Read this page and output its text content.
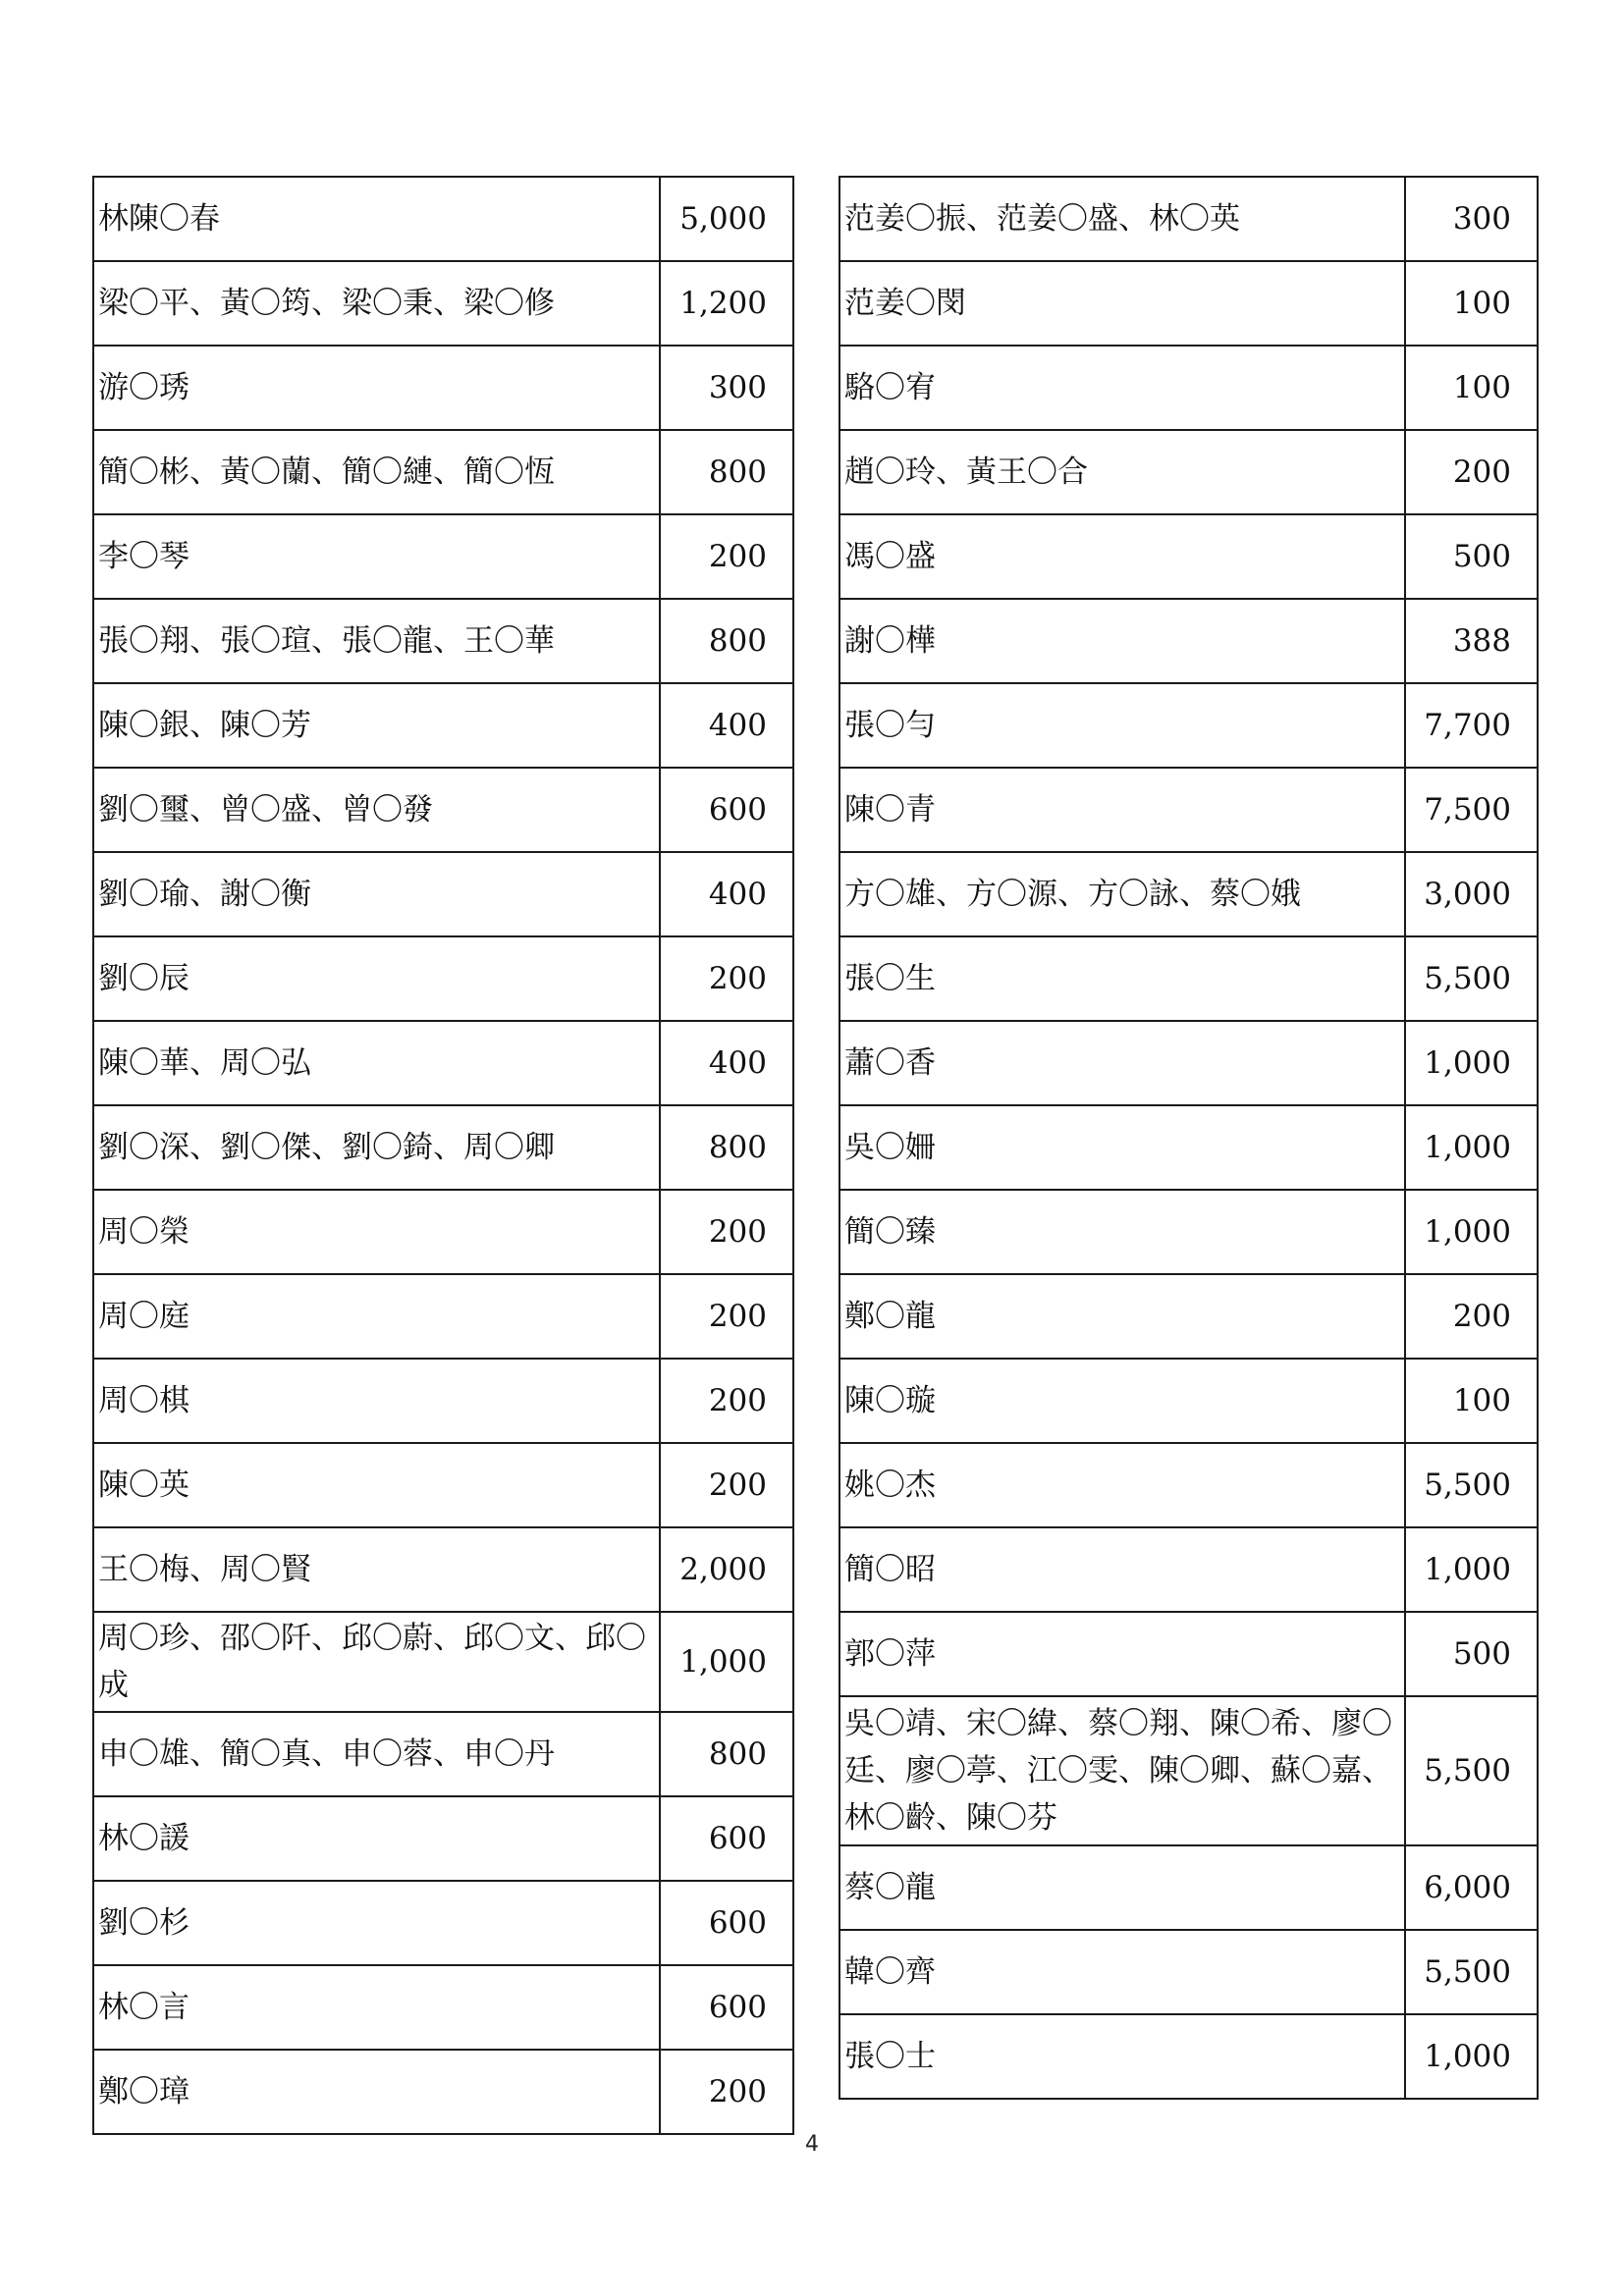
林陳〇春	5,000
梁〇平、黃〇筠、梁〇秉、梁〇修	1,200
游〇琇	300
簡〇彬、黃〇蘭、簡〇縺、簡〇恆	800
李〇琴	200
張〇翔、張〇瑄、張〇龍、王〇華	800
陳〇銀、陳〇芳	400
劉〇璽、曾〇盛、曾〇發	600
劉〇瑜、謝〇衡	400
劉〇辰	200
陳〇華、周〇弘	400
劉〇深、劉〇傑、劉〇錡、周〇卿	800
周〇榮	200
周〇庭	200
周〇棋	200
陳〇英	200
王〇梅、周〇賢	2,000
周〇珍、邵〇阡、邱〇蔚、邱〇文、邱〇成	1,000
申〇雄、簡〇真、申〇蓉、申〇丹	800
林〇諼	600
劉〇杉	600
林〇言	600
鄭〇璋	200
范姜〇振、范姜〇盛、林〇英	300
范姜〇閔	100
駱〇宥	100
趙〇玲、黃王〇合	200
馮〇盛	500
謝〇樺	388
張〇勻	7,700
陳〇青	7,500
方〇雄、方〇源、方〇詠、蔡〇娥	3,000
張〇生	5,500
蕭〇香	1,000
吳〇姍	1,000
簡〇臻	1,000
鄭〇龍	200
陳〇璇	100
姚〇杰	5,500
簡〇昭	1,000
郭〇萍	500
吳〇靖、宋〇緯、蔡〇翔、陳〇希、廖〇廷、廖〇葶、江〇雯、陳〇卿、蘇〇嘉、林〇齡、陳〇芬	5,500
蔡〇龍	6,000
韓〇齊	5,500
張〇士	1,000
4
